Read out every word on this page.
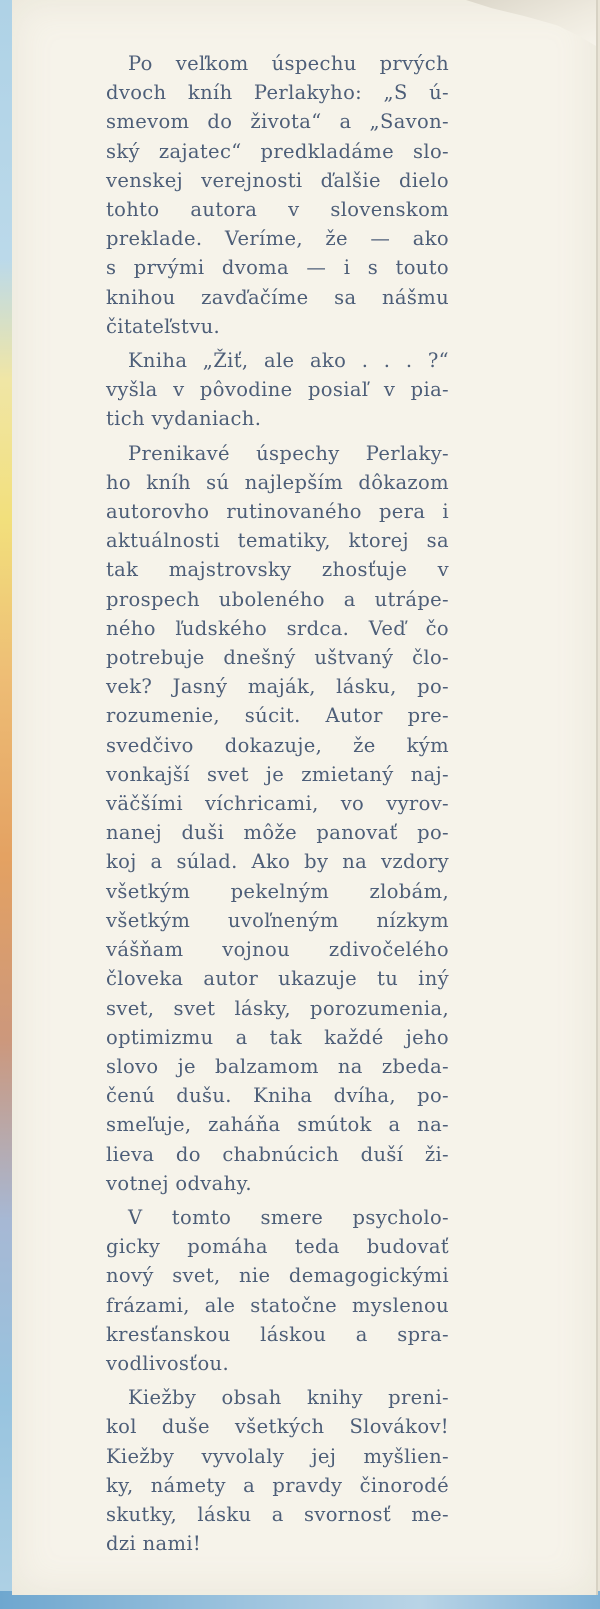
Po veľkom úspechu prvých
dvoch kníh Perlakyho: „S ú-
smevom do života“ a „Savon-
ský zajatec“ predkladáme slo-
venskej verejnosti ďalšie dielo
tohto autora v slovenskom
preklade. Veríme, že — ako
s prvými dvoma — i s touto
knihou zavďačíme sa nášmu
čitateľstvu.
Kniha „Žiť, ale ako . . . ?“
vyšla v pôvodine posiaľ v pia-
tich vydaniach.
Prenikavé úspechy Perlaky-
ho kníh sú najlepším dôkazom
autorovho rutinovaného pera i
aktuálnosti tematiky, ktorej sa
tak majstrovsky zhosťuje v
prospech uboleného a utrápe-
ného ľudského srdca. Veď čo
potrebuje dnešný uštvaný člo-
vek? Jasný maják, lásku, po-
rozumenie, súcit. Autor pre-
svedčivo dokazuje, že kým
vonkajší svet je zmietaný naj-
väčšími víchricami, vo vyrov-
nanej duši môže panovať po-
koj a súlad. Ako by na vzdory
všetkým pekelným zlobám,
všetkým uvoľneným nízkym
vášňam vojnou zdivočelého
človeka autor ukazuje tu iný
svet, svet lásky, porozumenia,
optimizmu a tak každé jeho
slovo je balzamom na zbeda-
čenú dušu. Kniha dvíha, po-
smeľuje, zaháňa smútok a na-
lieva do chabnúcich duší ži-
votnej odvahy.
V tomto smere psycholo-
gicky pomáha teda budovať
nový svet, nie demagogickými
frázami, ale statočne myslenou
kresťanskou láskou a spra-
vodlivosťou.
Kiežby obsah knihy preni-
kol duše všetkých Slovákov!
Kiežby vyvolaly jej myšlien-
ky, námety a pravdy činorodé
skutky, lásku a svornosť me-
dzi nami!
